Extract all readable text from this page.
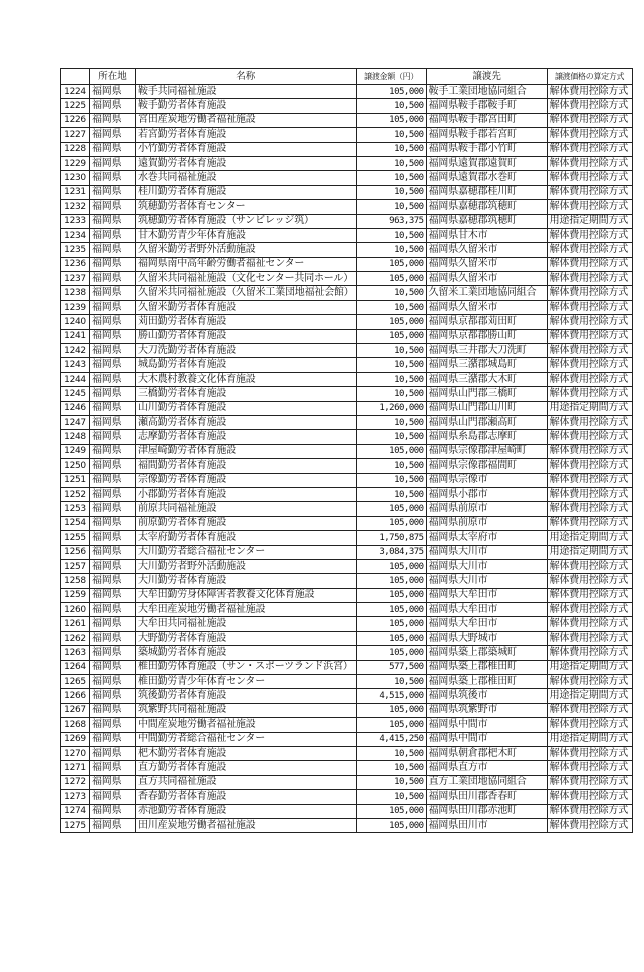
	所在地	名称	譲渡金額（円）	譲渡先	譲渡価格の算定方式
1224	福岡県	鞍手共同福祉施設	105,000	鞍手工業団地協同組合	解体費用控除方式
1225	福岡県	鞍手勤労者体育施設	10,500	福岡県鞍手郡鞍手町	解体費用控除方式
1226	福岡県	宮田産炭地労働者福祉施設	105,000	福岡県鞍手郡宮田町	解体費用控除方式
1227	福岡県	若宮勤労者体育施設	10,500	福岡県鞍手郡若宮町	解体費用控除方式
1228	福岡県	小竹勤労者体育施設	10,500	福岡県鞍手郡小竹町	解体費用控除方式
1229	福岡県	遠賀勤労者体育施設	10,500	福岡県遠賀郡遠賀町	解体費用控除方式
1230	福岡県	水巻共同福祉施設	10,500	福岡県遠賀郡水巻町	解体費用控除方式
1231	福岡県	桂川勤労者体育施設	10,500	福岡県嘉穂郡桂川町	解体費用控除方式
1232	福岡県	筑穂勤労者体育センター	10,500	福岡県嘉穂郡筑穂町	解体費用控除方式
1233	福岡県	筑穂勤労者体育施設（サンビレッジ筑）	963,375	福岡県嘉穂郡筑穂町	用途指定期間方式
1234	福岡県	甘木勤労青少年体育施設	10,500	福岡県甘木市	解体費用控除方式
1235	福岡県	久留米勤労者野外活動施設	10,500	福岡県久留米市	解体費用控除方式
1236	福岡県	福岡県南中高年齢労働者福祉センター	105,000	福岡県久留米市	解体費用控除方式
1237	福岡県	久留米共同福祉施設（文化センター共同ホール）	105,000	福岡県久留米市	解体費用控除方式
1238	福岡県	久留米共同福祉施設（久留米工業団地福祉会館）	10,500	久留米工業団地協同組合	解体費用控除方式
1239	福岡県	久留米勤労者体育施設	10,500	福岡県久留米市	解体費用控除方式
1240	福岡県	苅田勤労者体育施設	105,000	福岡県京都郡苅田町	解体費用控除方式
1241	福岡県	勝山勤労者体育施設	105,000	福岡県京都郡勝山町	解体費用控除方式
1242	福岡県	大刀洗勤労者体育施設	10,500	福岡県三井郡大刀洗町	解体費用控除方式
1243	福岡県	城島勤労者体育施設	10,500	福岡県三潴郡城島町	解体費用控除方式
1244	福岡県	大木農村教養文化体育施設	10,500	福岡県三潴郡大木町	解体費用控除方式
1245	福岡県	三橋勤労者体育施設	10,500	福岡県山門郡三橋町	解体費用控除方式
1246	福岡県	山川勤労者体育施設	1,260,000	福岡県山門郡山川町	用途指定期間方式
1247	福岡県	瀬高勤労者体育施設	10,500	福岡県山門郡瀬高町	解体費用控除方式
1248	福岡県	志摩勤労者体育施設	10,500	福岡県糸島郡志摩町	解体費用控除方式
1249	福岡県	津屋崎勤労者体育施設	105,000	福岡県宗像郡津屋崎町	解体費用控除方式
1250	福岡県	福間勤労者体育施設	10,500	福岡県宗像郡福間町	解体費用控除方式
1251	福岡県	宗像勤労者体育施設	10,500	福岡県宗像市	解体費用控除方式
1252	福岡県	小郡勤労者体育施設	10,500	福岡県小郡市	解体費用控除方式
1253	福岡県	前原共同福祉施設	105,000	福岡県前原市	解体費用控除方式
1254	福岡県	前原勤労者体育施設	105,000	福岡県前原市	解体費用控除方式
1255	福岡県	太宰府勤労者体育施設	1,750,875	福岡県太宰府市	用途指定期間方式
1256	福岡県	大川勤労者総合福祉センター	3,084,375	福岡県大川市	用途指定期間方式
1257	福岡県	大川勤労者野外活動施設	105,000	福岡県大川市	解体費用控除方式
1258	福岡県	大川勤労者体育施設	105,000	福岡県大川市	解体費用控除方式
1259	福岡県	大牟田勤労身体障害者教養文化体育施設	105,000	福岡県大牟田市	解体費用控除方式
1260	福岡県	大牟田産炭地労働者福祉施設	105,000	福岡県大牟田市	解体費用控除方式
1261	福岡県	大牟田共同福祉施設	105,000	福岡県大牟田市	解体費用控除方式
1262	福岡県	大野勤労者体育施設	105,000	福岡県大野城市	解体費用控除方式
1263	福岡県	築城勤労者体育施設	105,000	福岡県築上郡築城町	解体費用控除方式
1264	福岡県	椎田勤労体育施設（サン・スポーツランド浜宮）	577,500	福岡県築上郡椎田町	用途指定期間方式
1265	福岡県	椎田勤労青少年体育センター	10,500	福岡県築上郡椎田町	解体費用控除方式
1266	福岡県	筑後勤労者体育施設	4,515,000	福岡県筑後市	用途指定期間方式
1267	福岡県	筑紫野共同福祉施設	105,000	福岡県筑紫野市	解体費用控除方式
1268	福岡県	中間産炭地労働者福祉施設	105,000	福岡県中間市	解体費用控除方式
1269	福岡県	中間勤労者総合福祉センター	4,415,250	福岡県中間市	用途指定期間方式
1270	福岡県	杷木勤労者体育施設	10,500	福岡県朝倉郡杷木町	解体費用控除方式
1271	福岡県	直方勤労者体育施設	10,500	福岡県直方市	解体費用控除方式
1272	福岡県	直方共同福祉施設	10,500	直方工業団地協同組合	解体費用控除方式
1273	福岡県	香春勤労者体育施設	10,500	福岡県田川郡香春町	解体費用控除方式
1274	福岡県	赤池勤労者体育施設	105,000	福岡県田川郡赤池町	解体費用控除方式
1275	福岡県	田川産炭地労働者福祉施設	105,000	福岡県田川市	解体費用控除方式
